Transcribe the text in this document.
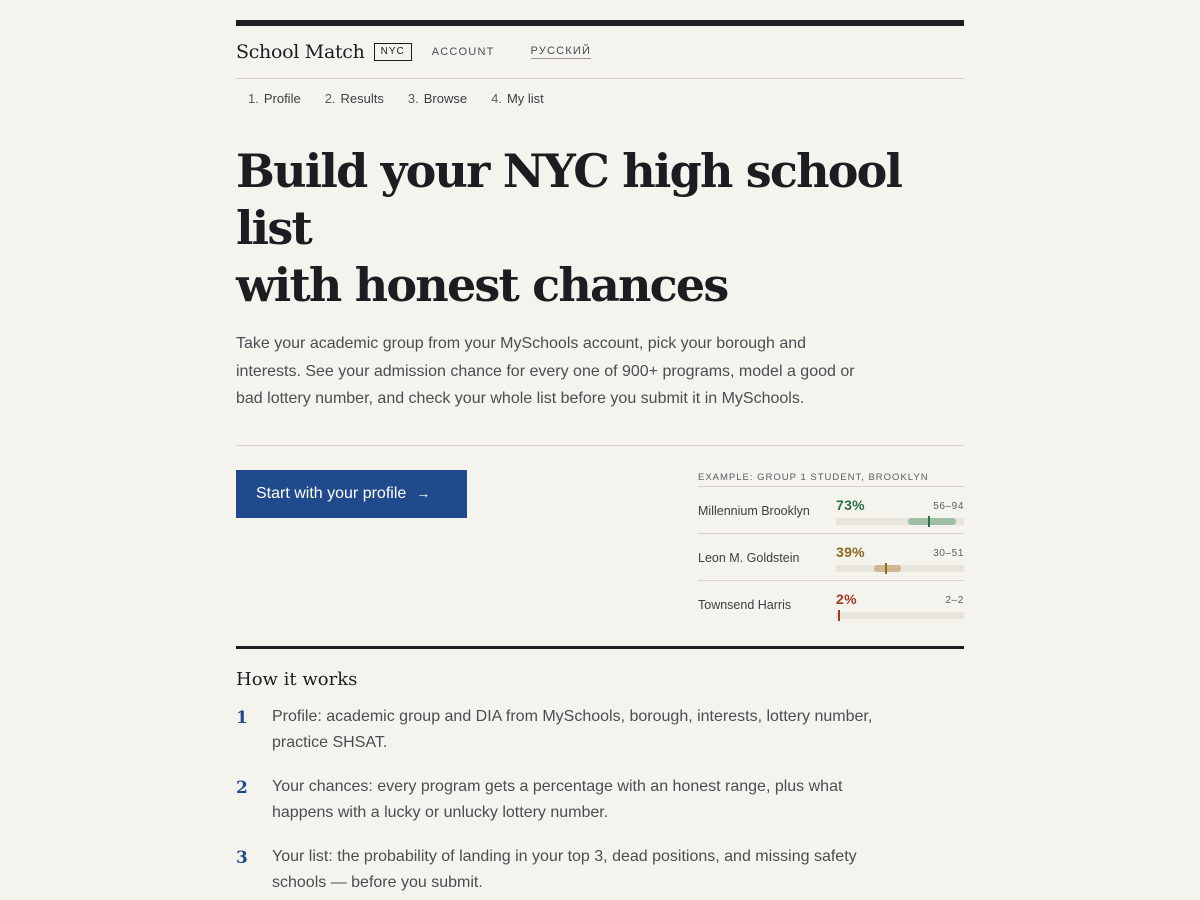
School Match	NYC	ACCOUNT	РУССКИЙ
1. Profile 2. Results 3. Browse 4. My list
Build your NYC high school list
with honest chances
Take your academic group from your MySchools account, pick your borough and interests. See your admission chance for every one of 900+ programs, model a good or bad lottery number, and check your whole list before you submit it in MySchools.
Start with your profile →
EXAMPLE: GROUP 1 STUDENT, BROOKLYN
Millennium Brooklyn 73%	56–94
Leon M. Goldstein	39%	30–51
Townsend Harris	2%	2–2
How it works
1 Profile: academic group and DIA from MySchools, borough, interests, lottery number, practice SHSAT.
2 Your chances: every program gets a percentage with an honest range, plus what happens with a lucky or unlucky lottery number.
3 Your list: the probability of landing in your top 3, dead positions, and missing safety schools — before you submit.
